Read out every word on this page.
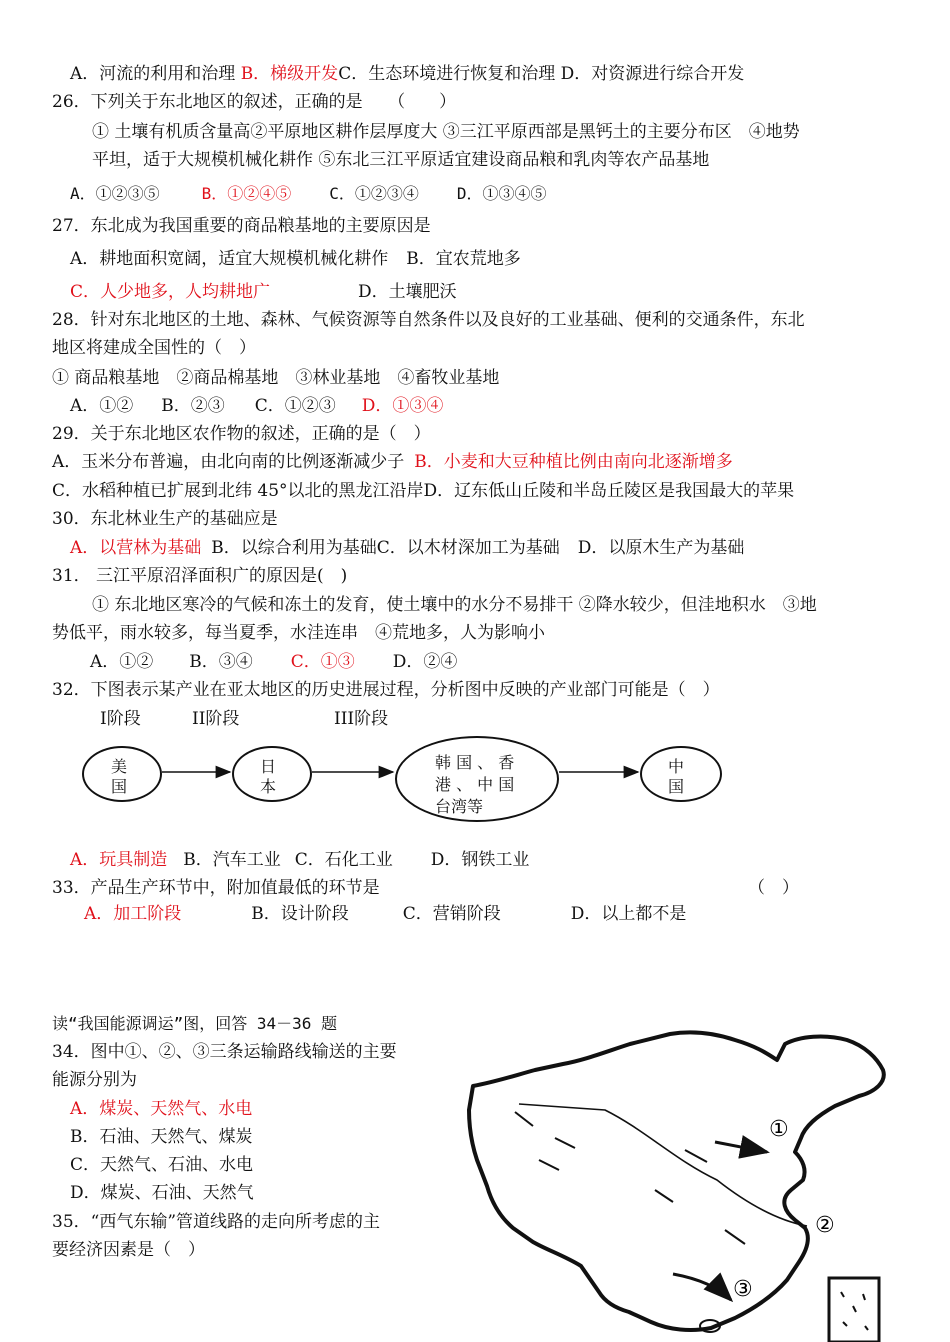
A．河流的利用和治理 B．梯级开发C．生态环境进行恢复和治理 D．对资源进行综合开发
26．下列关于东北地区的叙述，正确的是　　（　　）
① 土壤有机质含量高②平原地区耕作层厚度大 ③三江平原西部是黑钙土的主要分布区　④地势
平坦，适于大规模机械化耕作 ⑤东北三江平原适宜建设商品粮和乳肉等农产品基地
A．①②③⑤	B．①②④⑤ C．①②③④ D．①③④⑤
27．东北成为我国重要的商品粮基地的主要原因是
A．耕地面积宽阔，适宜大规模机械化耕作 B．宜农荒地多
C．人少地多，人均耕地广	D．土壤肥沃
28．针对东北地区的土地、森林、气候资源等自然条件以及良好的工业基础、便利的交通条件，东北
地区将建成全国性的（　）
① 商品粮基地　②商品棉基地　③林业基地　④畜牧业基地
A．①② B．②③ C．①②③ D．①③④
29．关于东北地区农作物的叙述，正确的是（　）
A．玉米分布普遍，由北向南的比例逐渐减少子 B．小麦和大豆种植比例由南向北逐渐增多
C．水稻种植已扩展到北纬 45°以北的黑龙江沿岸D．辽东低山丘陵和半岛丘陵区是我国最大的苹果
30．东北林业生产的基础应是
A．以营林为基础 B．以综合利用为基础C．以木材深加工为基础 D．以原木生产为基础
31． 三江平原沼泽面积广的原因是(　)
① 东北地区寒冷的气候和冻土的发育，使土壤中的水分不易排干 ②降水较少，但洼地积水　③地
势低平，雨水较多，每当夏季，水洼连串　④荒地多，人为影响小
A．①② B．③④ C．①③ D．②④
32．下图表示某产业在亚太地区的历史进展过程，分析图中反映的产业部门可能是（　）
I阶段	II阶段	III阶段
美
国
日
本
韩 国 、 香
港 、 中 国
台湾等
中
国
A．玩具制造 B．汽车工业 C．石化工业 D．钢铁工业
33．产品生产环节中，附加值最低的环节是	（　）
A．加工阶段	B．设计阶段	C．营销阶段	D．以上都不是
读“我国能源调运”图，回答 34－36 题
34．图中①、②、③三条运输路线输送的主要
能源分别为
A．煤炭、天然气、水电
B．石油、天然气、煤炭
C．天然气、石油、水电
D．煤炭、石油、天然气
35．“西气东输”管道线路的走向所考虑的主
要经济因素是（　）
①
②
③
